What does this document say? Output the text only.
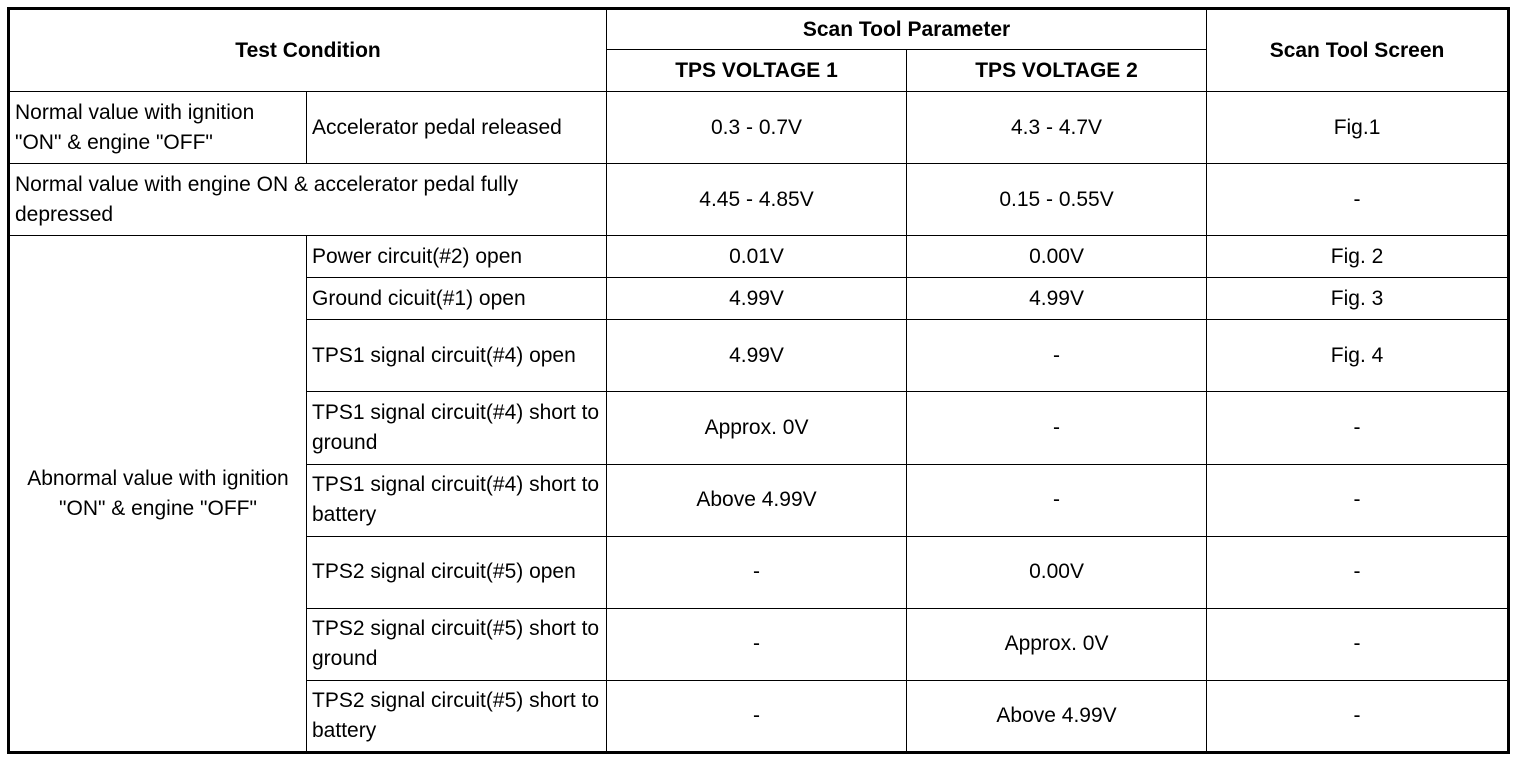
Test Condition		Scan Tool Parameter		Scan Tool Screen
		TPS VOLTAGE 1	TPS VOLTAGE 2	
Normal value with ignition "ON" & engine "OFF"	Accelerator pedal released	0.3 - 0.7V	4.3 - 4.7V	Fig.1
Normal value with engine ON & accelerator pedal fully depressed		4.45 - 4.85V	0.15 - 0.55V	-
Abnormal value with ignition "ON" & engine "OFF"	Power circuit(#2) open	0.01V	0.00V	Fig. 2
	Ground cicuit(#1) open	4.99V	4.99V	Fig. 3
	TPS1 signal circuit(#4) open	4.99V	-	Fig. 4
	TPS1 signal circuit(#4) short to ground	Approx. 0V	-	-
	TPS1 signal circuit(#4) short to battery	Above 4.99V	-	-
	TPS2 signal circuit(#5) open	-	0.00V	-
	TPS2 signal circuit(#5) short to ground	-	Approx. 0V	-
	TPS2 signal circuit(#5) short to battery	-	Above 4.99V	-
